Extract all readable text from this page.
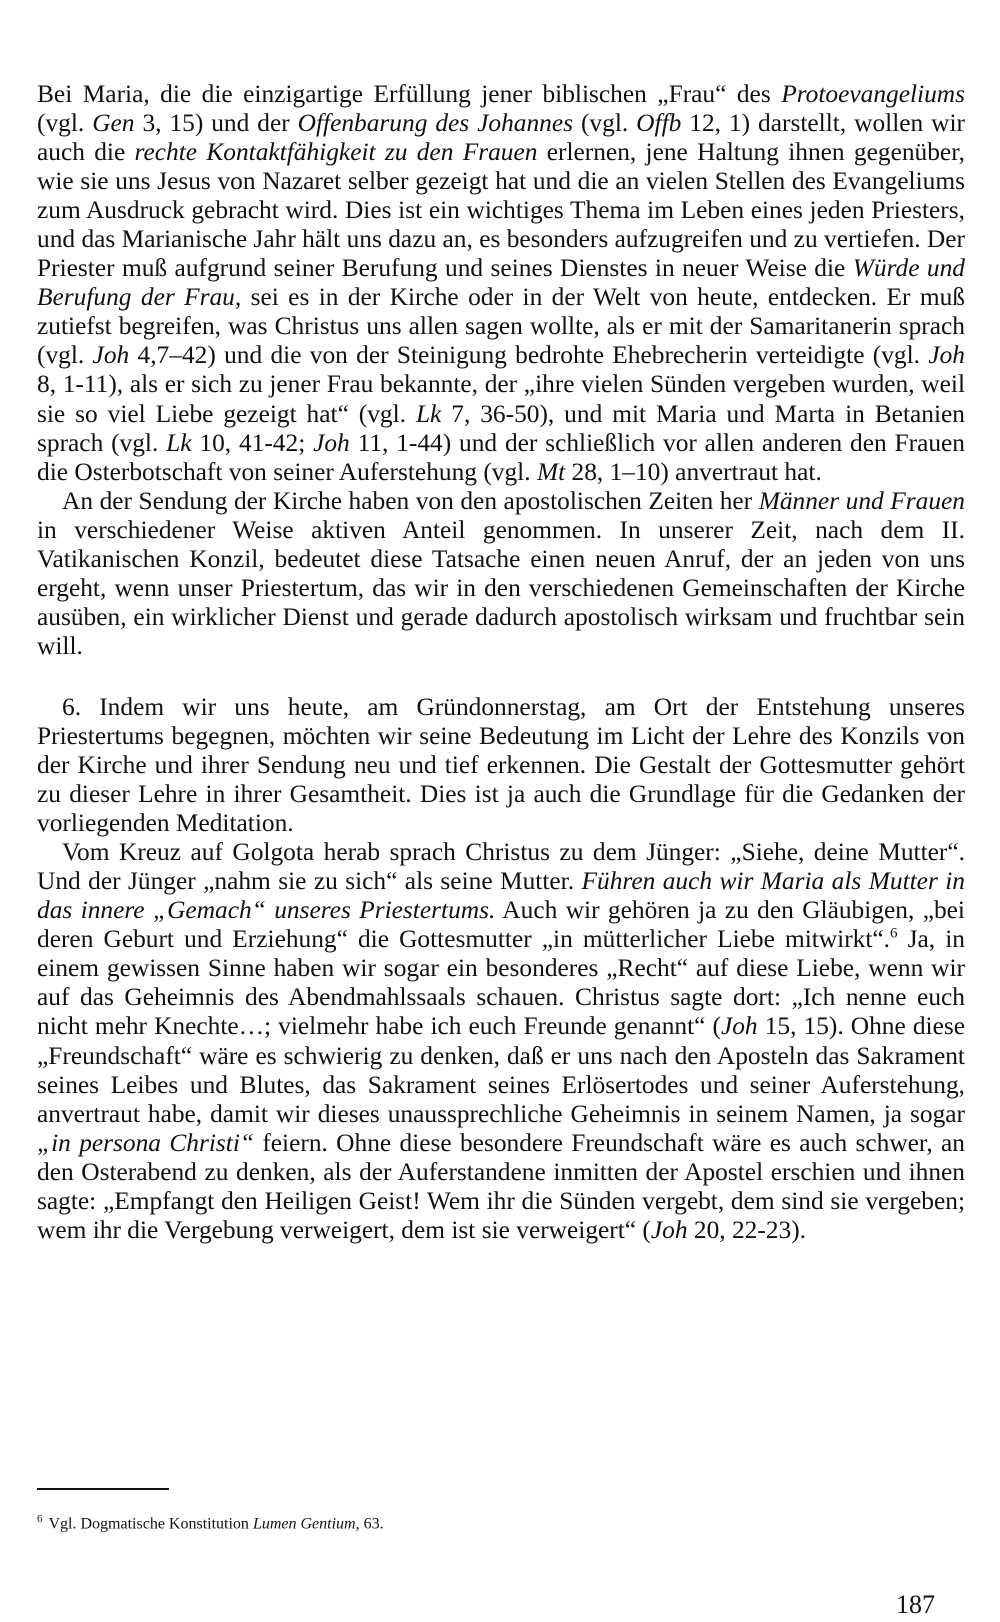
Bei Maria, die die einzigartige Erfüllung jener biblischen „Frau“ des Protoevangeliums (vgl. Gen 3, 15) und der Offenbarung des Johannes (vgl. Offb 12, 1) darstellt, wollen wir auch die rechte Kontaktfähigkeit zu den Frauen erlernen, jene Haltung ihnen gegenüber, wie sie uns Jesus von Nazaret selber gezeigt hat und die an vielen Stellen des Evangeliums zum Ausdruck gebracht wird. Dies ist ein wichtiges Thema im Leben eines jeden Priesters, und das Marianische Jahr hält uns dazu an, es besonders aufzugreifen und zu vertiefen. Der Priester muß aufgrund seiner Berufung und seines Dienstes in neuer Weise die Würde und Berufung der Frau, sei es in der Kirche oder in der Welt von heute, entdecken. Er muß zutiefst begreifen, was Christus uns allen sagen wollte, als er mit der Samaritanerin sprach (vgl. Joh 4,7–42) und die von der Steinigung bedrohte Ehebrecherin verteidigte (vgl. Joh 8, 1-11), als er sich zu jener Frau bekannte, der „ihre vielen Sünden vergeben wurden, weil sie so viel Liebe gezeigt hat“ (vgl. Lk 7, 36-50), und mit Maria und Marta in Betanien sprach (vgl. Lk 10, 41-42; Joh 11, 1-44) und der schließlich vor allen anderen den Frauen die Osterbotschaft von seiner Auferstehung (vgl. Mt 28, 1–10) anvertraut hat.

An der Sendung der Kirche haben von den apostolischen Zeiten her Männer und Frauen in verschiedener Weise aktiven Anteil genommen. In unserer Zeit, nach dem II. Vatikanischen Konzil, bedeutet diese Tatsache einen neuen Anruf, der an jeden von uns ergeht, wenn unser Priestertum, das wir in den verschiedenen Gemeinschaften der Kirche ausüben, ein wirklicher Dienst und gerade dadurch apostolisch wirksam und fruchtbar sein will.

6. Indem wir uns heute, am Gründonnerstag, am Ort der Entstehung unseres Priestertums begegnen, möchten wir seine Bedeutung im Licht der Lehre des Konzils von der Kirche und ihrer Sendung neu und tief erkennen. Die Gestalt der Gottesmutter gehört zu dieser Lehre in ihrer Gesamtheit. Dies ist ja auch die Grundlage für die Gedanken der vorliegenden Meditation.

Vom Kreuz auf Golgota herab sprach Christus zu dem Jünger: „Siehe, deine Mutter“. Und der Jünger „nahm sie zu sich“ als seine Mutter. Führen auch wir Maria als Mutter in das innere „Gemach“ unseres Priestertums. Auch wir gehören ja zu den Gläubigen, „bei deren Geburt und Erziehung“ die Gottesmutter „in mütterlicher Liebe mitwirkt“.$^6$ Ja, in einem gewissen Sinne haben wir sogar ein besonderes „Recht“ auf diese Liebe, wenn wir auf das Geheimnis des Abendmahlssaals schauen. Christus sagte dort: „Ich nenne euch nicht mehr Knechte…; vielmehr habe ich euch Freunde genannt“ (Joh 15, 15). Ohne diese „Freundschaft“ wäre es schwierig zu denken, daß er uns nach den Aposteln das Sakrament seines Leibes und Blutes, das Sakrament seines Erlösertodes und seiner Auferstehung, anvertraut habe, damit wir dieses unaussprechliche Geheimnis in seinem Namen, ja sogar „in persona Christi“ feiern. Ohne diese besondere Freundschaft wäre es auch schwer, an den Osterabend zu denken, als der Auferstandene inmitten der Apostel erschien und ihnen sagte: „Empfangt den Heiligen Geist! Wem ihr die Sünden vergebt, dem sind sie vergeben; wem ihr die Vergebung verweigert, dem ist sie verweigert“ (Joh 20, 22-23).

$^6$ Vgl. Dogmatische Konstitution Lumen Gentium, 63.
187
